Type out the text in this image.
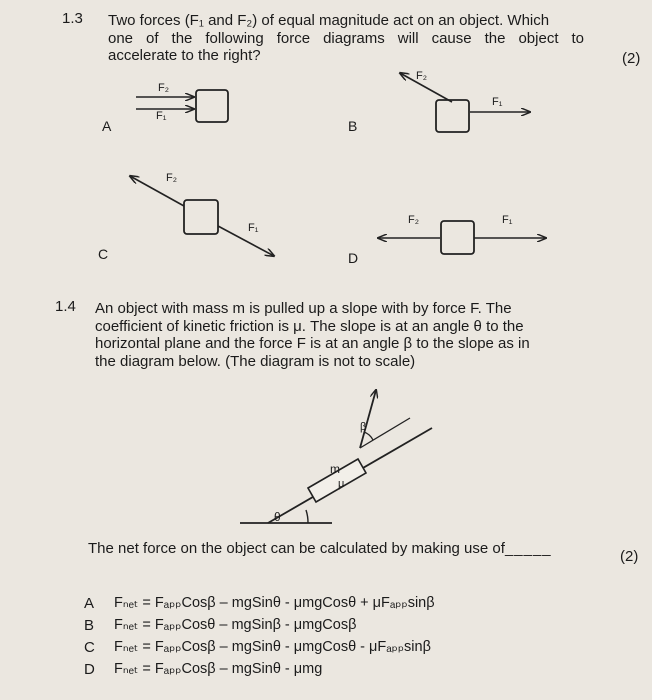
1.3 Two forces (F₁ and F₂) of equal magnitude act on an object. Which
one of the following force diagrams will cause the object to
accelerate to the right?	(2)
A
F₂
F₁
B
F₂
F₁
C
F₂
F₁
D
F₂	F₁
1.4 An object with mass m is pulled up a slope with by force F. The
coefficient of kinetic friction is μ. The slope is at an angle θ to the
horizontal plane and the force F is at an angle β to the slope as in
the diagram below. (The diagram is not to scale)
m
μ
β
θ
The net force on the object can be calculated by making use of_____	(2)
A	Fₙₑₜ = FₐₚₚCosβ – mgSinθ - μmgCosθ + μFₐₚₚsinβ
B	Fₙₑₜ = FₐₚₚCosθ – mgSinβ - μmgCosβ
C	Fₙₑₜ = FₐₚₚCosβ – mgSinθ - μmgCosθ - μFₐₚₚsinβ
D	Fₙₑₜ = FₐₚₚCosβ – mgSinθ - μmg
